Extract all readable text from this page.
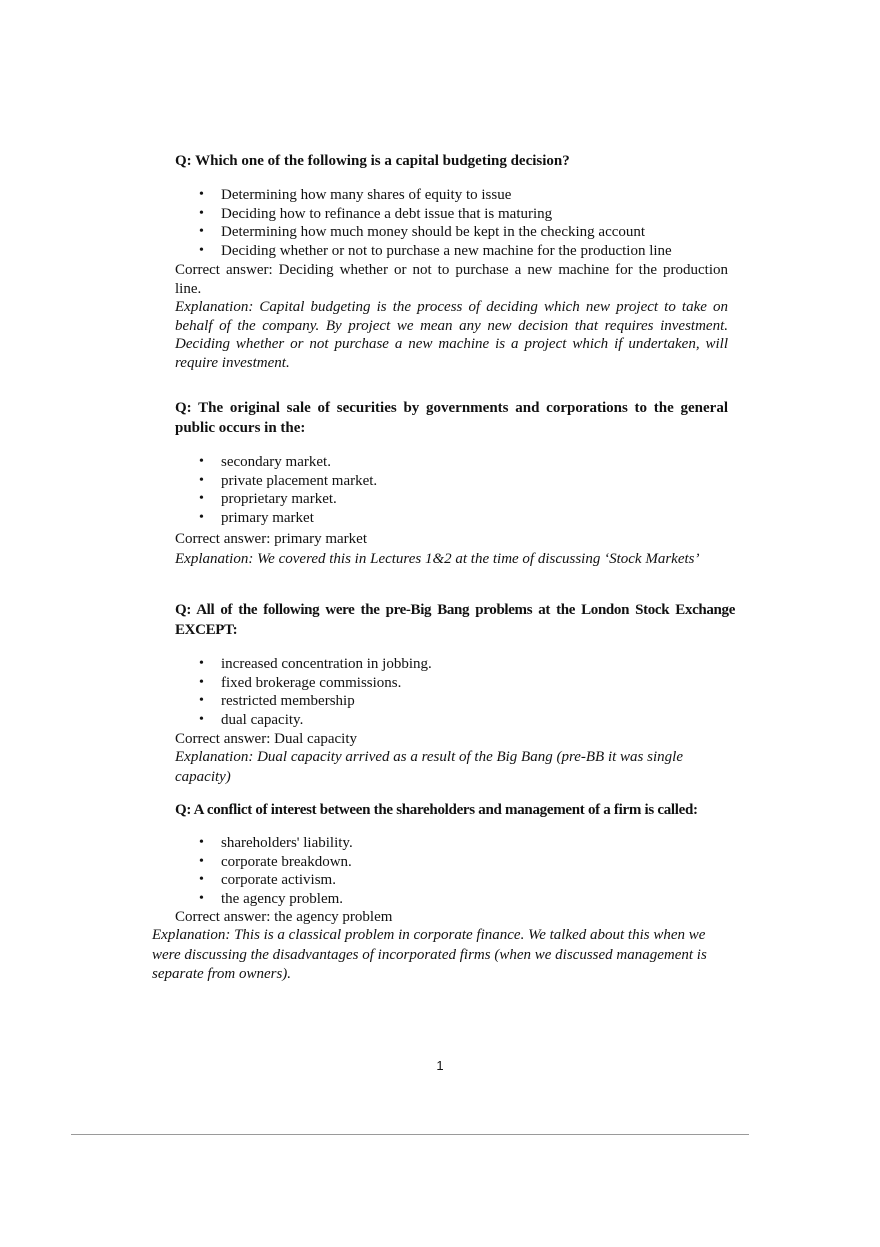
Q: Which one of the following is a capital budgeting decision?

• Determining how many shares of equity to issue
• Deciding how to refinance a debt issue that is maturing
• Determining how much money should be kept in the checking account
• Deciding whether or not to purchase a new machine for the production line

Correct answer: Deciding whether or not to purchase a new machine for the production line.

Explanation: Capital budgeting is the process of deciding which new project to take on behalf of the company. By project we mean any new decision that requires investment. Deciding whether or not purchase a new machine is a project which if undertaken, will require investment.

Q: The original sale of securities by governments and corporations to the general public occurs in the:

• secondary market.
• private placement market.
• proprietary market.
• primary market

Correct answer: primary market

Explanation: We covered this in Lectures 1&2 at the time of discussing ‘Stock Markets’

Q: All of the following were the pre-Big Bang problems at the London Stock Exchange EXCEPT:

• increased concentration in jobbing.
• fixed brokerage commissions.
• restricted membership
• dual capacity.

Correct answer: Dual capacity

Explanation: Dual capacity arrived as a result of the Big Bang (pre-BB it was single capacity)

Q: A conflict of interest between the shareholders and management of a firm is called:

• shareholders' liability.
• corporate breakdown.
• corporate activism.
• the agency problem.

Correct answer: the agency problem

Explanation: This is a classical problem in corporate finance. We talked about this when we were discussing the disadvantages of incorporated firms (when we discussed management is separate from owners).

1
